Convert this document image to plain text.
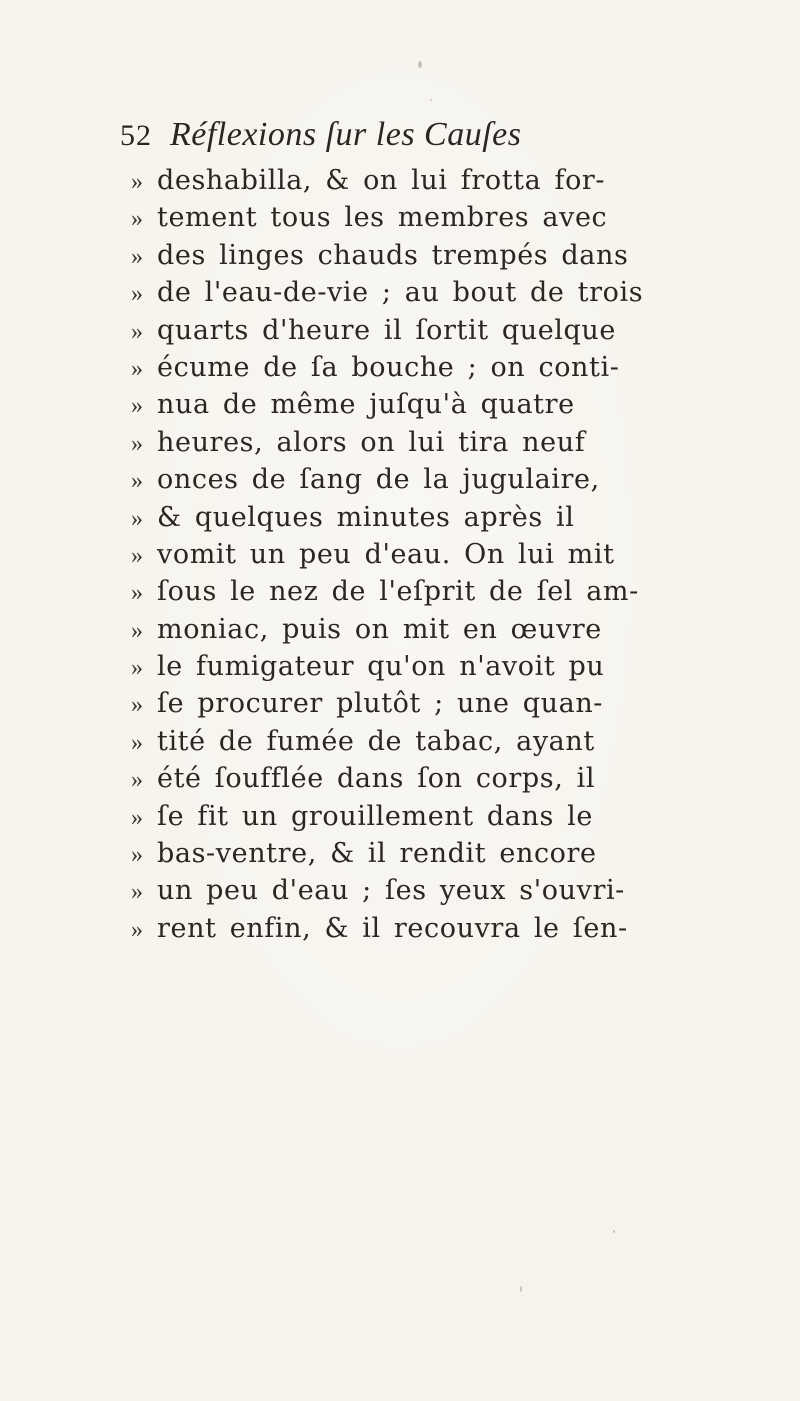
52 Réflexions ſur les Cauſes
» deshabilla, & on lui frotta for-
» tement tous les membres avec
» des linges chauds trempés dans
» de l'eau-de-vie ; au bout de trois
» quarts d'heure il ſortit quelque
» écume de ſa bouche ; on conti-
» nua de même juſqu'à quatre
» heures, alors on lui tira neuf
» onces de ſang de la jugulaire,
» & quelques minutes après il
» vomit un peu d'eau. On lui mit
» ſous le nez de l'eſprit de ſel am-
» moniac, puis on mit en œuvre
» le fumigateur qu'on n'avoit pu
» ſe procurer plutôt ; une quan-
» tité de fumée de tabac, ayant
» été ſoufflée dans ſon corps, il
» ſe fit un grouillement dans le
» bas-ventre, & il rendit encore
» un peu d'eau ; ſes yeux s'ouvri-
» rent enfin, & il recouvra le ſen-
